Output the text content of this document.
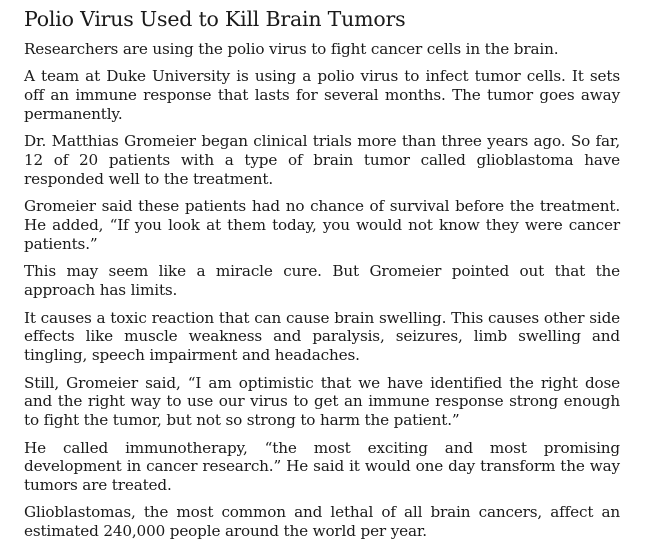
Polio Virus Used to Kill Brain Tumors

Researchers are using the polio virus to fight cancer cells in the brain.

A team at Duke University is using a polio virus to infect tumor cells. It sets off an immune response that lasts for several months. The tumor goes away permanently.

Dr. Matthias Gromeier began clinical trials more than three years ago. So far, 12 of 20 patients with a type of brain tumor called glioblastoma have responded well to the treatment.

Gromeier said these patients had no chance of survival before the treatment. He added, “If you look at them today, you would not know they were cancer patients.”

This may seem like a miracle cure. But Gromeier pointed out that the approach has limits.

It causes a toxic reaction that can cause brain swelling. This causes other side effects like muscle weakness and paralysis, seizures, limb swelling and tingling, speech impairment and headaches.

Still, Gromeier said, “I am optimistic that we have identified the right dose and the right way to use our virus to get an immune response strong enough to fight the tumor, but not so strong to harm the patient.”

He called immunotherapy, “the most exciting and most promising development in cancer research.” He said it would one day transform the way tumors are treated.

Glioblastomas, the most common and lethal of all brain cancers, affect an estimated 240,000 people around the world per year.
